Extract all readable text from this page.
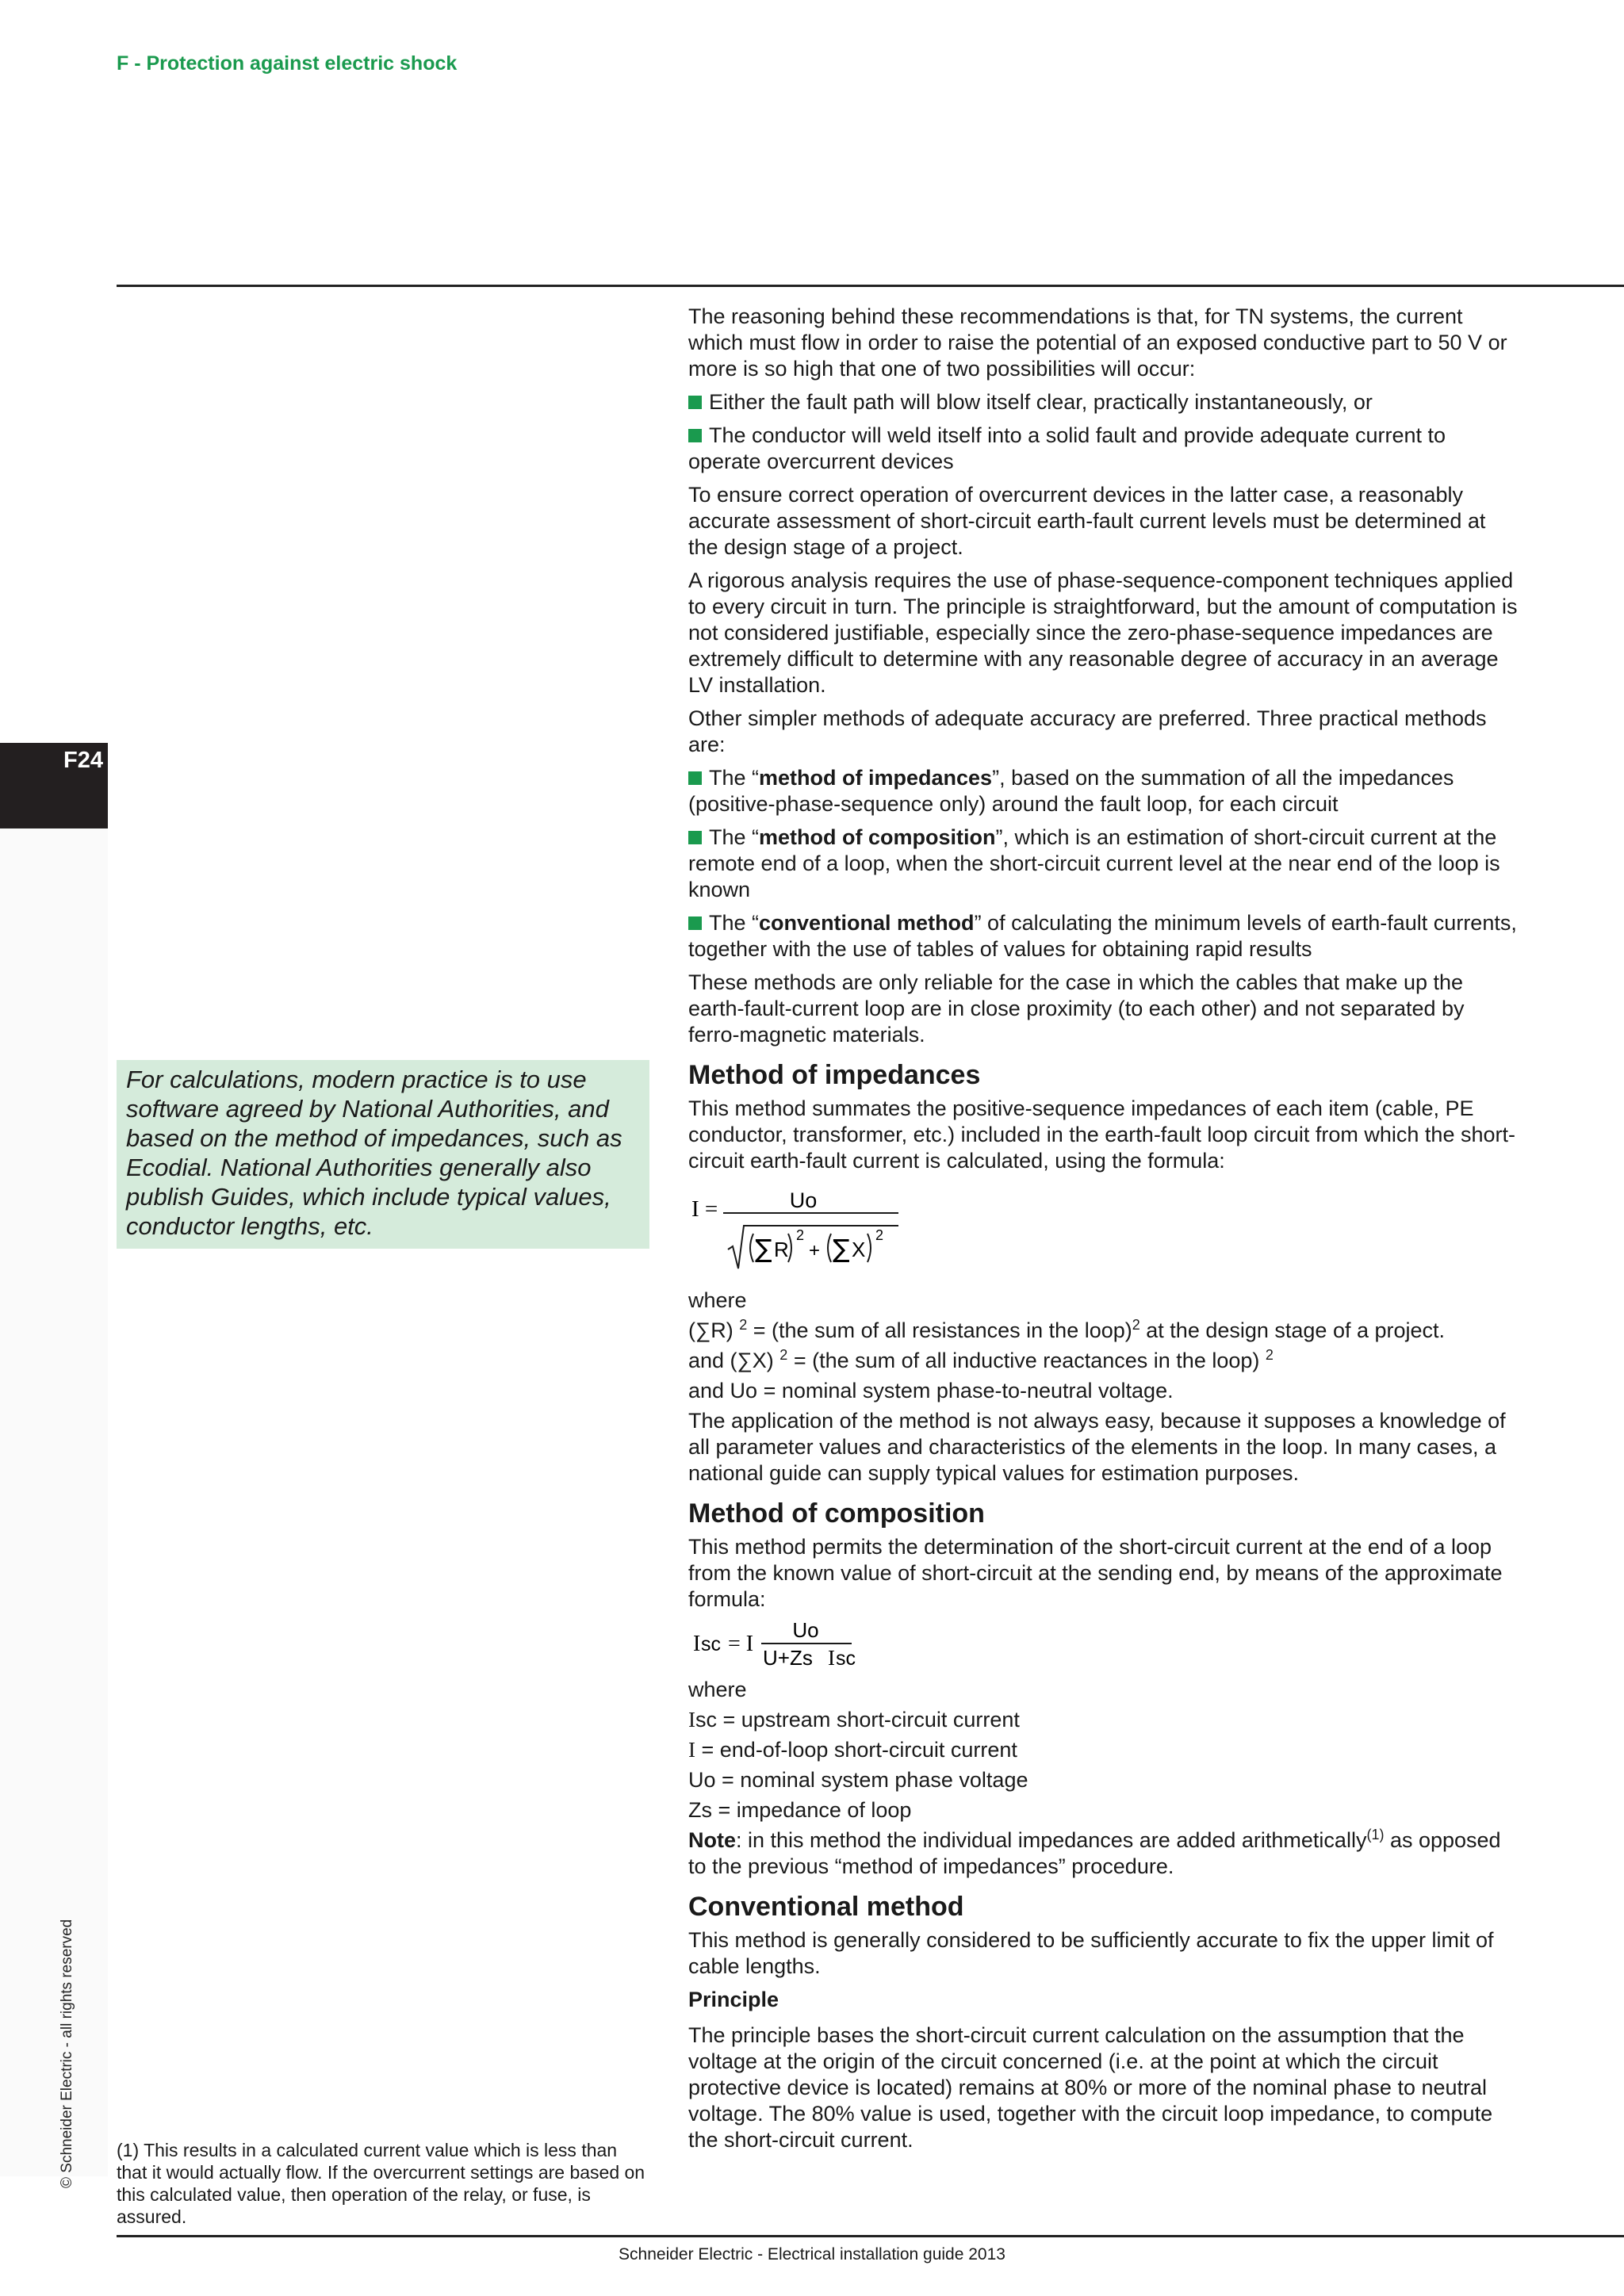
F - Protection against electric shock
F24
© Schneider Electric - all rights reserved
For calculations, modern practice is to use software agreed by National Authorities, and based on the method of impedances, such as Ecodial. National Authorities generally also publish Guides, which include typical values, conductor lengths, etc.
(1) This results in a calculated current value which is less than that it would actually flow. If the overcurrent settings are based on this calculated value, then operation of the relay, or fuse, is assured.

The reasoning behind these recommendations is that, for TN systems, the current which must flow in order to raise the potential of an exposed conductive part to 50 V or more is so high that one of two possibilities will occur:

Either the fault path will blow itself clear, practically instantaneously, or
The conductor will weld itself into a solid fault and provide adequate current to operate overcurrent devices

To ensure correct operation of overcurrent devices in the latter case, a reasonably accurate assessment of short-circuit earth-fault current levels must be determined at the design stage of a project.

A rigorous analysis requires the use of phase-sequence-component techniques applied to every circuit in turn. The principle is straightforward, but the amount of computation is not considered justifiable, especially since the zero-phase-sequence impedances are extremely difficult to determine with any reasonable degree of accuracy in an average LV installation.

Other simpler methods of adequate accuracy are preferred. Three practical methods are:

The “method of impedances”, based on the summation of all the impedances (positive-phase-sequence only) around the fault loop, for each circuit
The “method of composition”, which is an estimation of short-circuit current at the remote end of a loop, when the short-circuit current level at the near end of the loop is known
The “conventional method” of calculating the minimum levels of earth-fault currents, together with the use of tables of values for obtaining rapid results

These methods are only reliable for the case in which the cables that make up the earth-fault-current loop are in close proximity (to each other) and not separated by ferro-magnetic materials.

Method of impedances

This method summates the positive-sequence impedances of each item (cable, PE conductor, transformer, etc.) included in the earth-fault loop circuit from which the short-circuit earth-fault current is calculated, using the formula:

I =	Uo
∑ R
2
+ ∑ X
2
where
(∑R) $^2$ = (the sum of all resistances in the loop)$^2$ at the design stage of a project.
and (∑X) $^2$ = (the sum of all inductive reactances in the loop) $^2$
and Uo = nominal system phase-to-neutral voltage.

The application of the method is not always easy, because it supposes a knowledge of all parameter values and characteristics of the elements in the loop. In many cases, a national guide can supply typical values for estimation purposes.

Method of composition

This method permits the determination of the short-circuit current at the end of a loop from the known value of short-circuit at the sending end, by means of the approximate formula:

I sc = I
Uo
U+Zs I sc
where
Isc = upstream short-circuit current
I = end-of-loop short-circuit current
Uo = nominal system phase voltage
Zs = impedance of loop

Note: in this method the individual impedances are added arithmetically$^{(1)}$ as opposed to the previous “method of impedances” procedure.

Conventional method

This method is generally considered to be sufficiently accurate to fix the upper limit of cable lengths.

Principle

The principle bases the short-circuit current calculation on the assumption that the voltage at the origin of the circuit concerned (i.e. at the point at which the circuit protective device is located) remains at 80% or more of the nominal phase to neutral voltage. The 80% value is used, together with the circuit loop impedance, to compute the short-circuit current.

Schneider Electric - Electrical installation guide 2013
